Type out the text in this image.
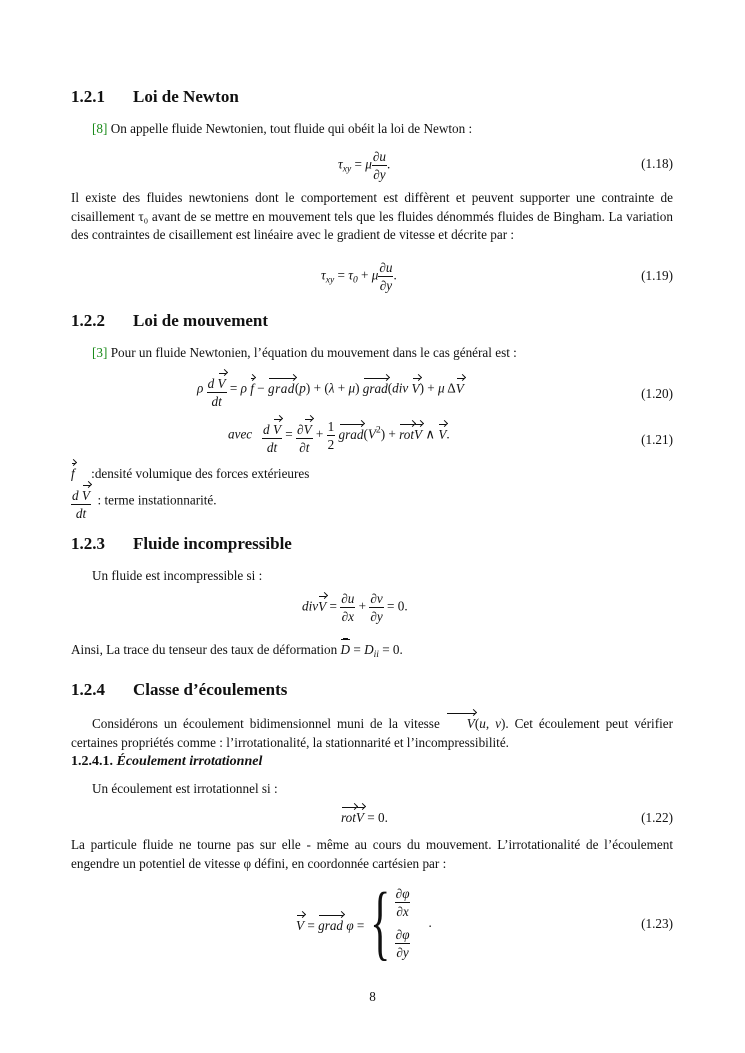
1.2.1 Loi de Newton
[8] On appelle fluide Newtonien, tout fluide qui obéit la loi de Newton :
$\tau_{xy} = \mu \frac{\partial u}{\partial y}$ .	(1.18)
Il existe des fluides newtoniens dont le comportement est diffèrent et peuvent supporter une contrainte de cisaillement τ₀ avant de se mettre en mouvement tels que les fluides dénommés fluides de Bingham. La variation des contraintes de cisaillement est linéaire avec le gradient de vitesse et décrite par :
$\tau_{xy} = \tau_0 + \mu \frac{\partial u}{\partial y}$ .	(1.19)
1.2.2 Loi de mouvement
[3] Pour un fluide Newtonien, l’équation du mouvement dans le cas général est :
ρ $\frac{\text{d V}}{dt} = \rho$ f − grad(p) + (λ + μ) grad(div V) + μ ΔV	(1.20)
avec $\frac{\text{d V}}{dt} = \frac{\partial V}{\partial t} + \frac{1}{2}$ $grad(V^2)$ + rotV ∧ V.	(1.21)
f :densité volumique des forces extérieures
$\frac{\text{d V}}{dt}$ : terme instationnarité.
1.2.3 Fluide incompressible
Un fluide est incompressible si :
divV = $\frac{\partial u}{\partial x} + \frac{\partial v}{\partial y} = 0$.
Ainsi, La trace du tenseur des taux de déformation $D = D_{ii} = 0$.
1.2.4 Classe d’écoulements
Considérons un écoulement bidimensionnel muni de la vitesse V(u, v). Cet écoulement peut vérifier certaines propriétés comme : l’irrotationalité, la stationnarité et l’incompressibilité.
1.2.4.1. Écoulement irrotationnel
Un écoulement est irrotationnel si :
rotV = 0.	(1.22)
La particule fluide ne tourne pas sur elle - même au cours du mouvement. L’irrotationalité de l’écoulement engendre un potentiel de vitesse φ défini, en coordonnée cartésien par :
V = grad φ = { $\frac{\partial\varphi}{\partial x}$
$\frac{\partial\varphi}{\partial y}$
.	(1.23)
8
